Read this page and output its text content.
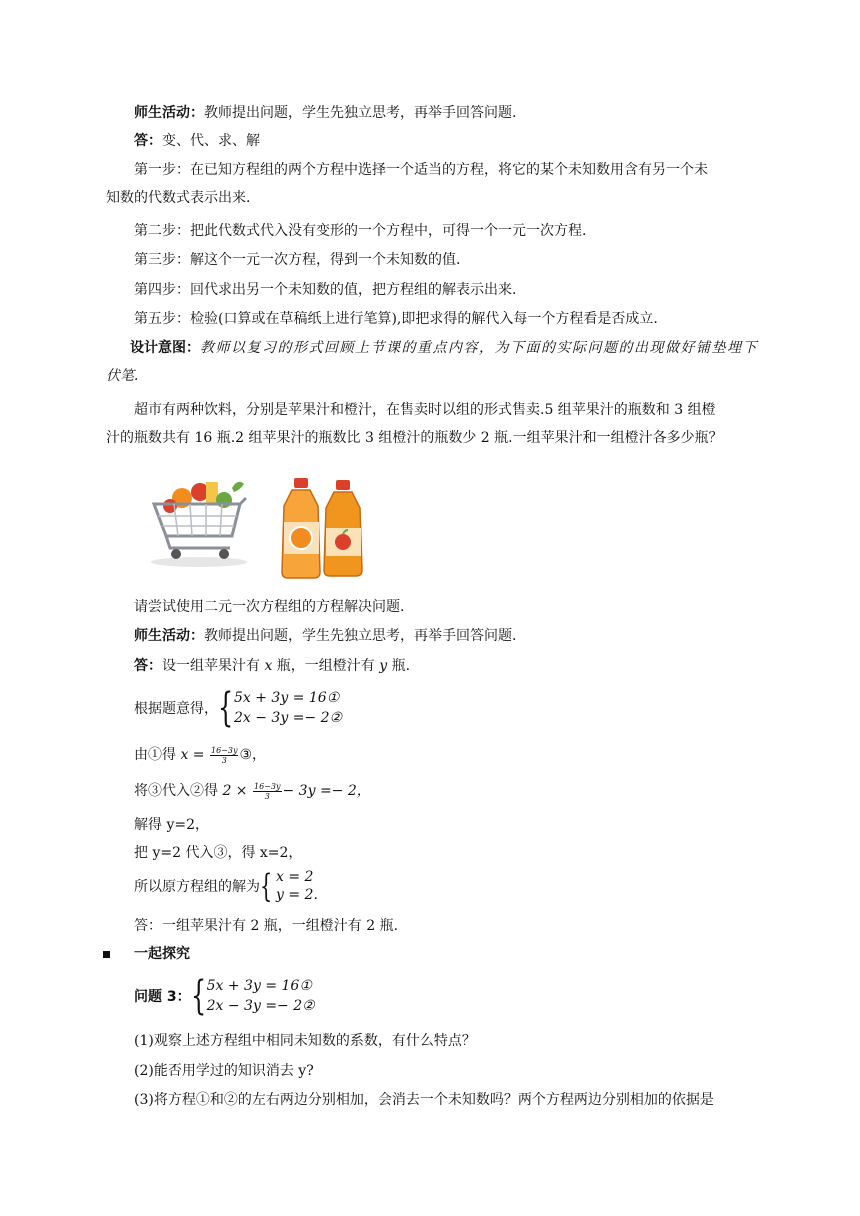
师生活动：教师提出问题，学生先独立思考，再举手回答问题.
答：变、代、求、解
第一步：在已知方程组的两个方程中选择一个适当的方程，将它的某个未知数用含有另一个未
知数的代数式表示出来.
第二步：把此代数式代入没有变形的一个方程中，可得一个一元一次方程.
第三步：解这个一元一次方程，得到一个未知数的值.
第四步：回代求出另一个未知数的值，把方程组的解表示出来.
第五步：检验(口算或在草稿纸上进行笔算),即把求得的解代入每一个方程看是否成立.
设计意图：教师以复习的形式回顾上节课的重点内容，为下面的实际问题的出现做好铺垫埋下
伏笔.
超市有两种饮料，分别是苹果汁和橙汁，在售卖时以组的形式售卖.5 组苹果汁的瓶数和 3 组橙
汁的瓶数共有 16 瓶.2 组苹果汁的瓶数比 3 组橙汁的瓶数少 2 瓶.一组苹果汁和一组橙汁各多少瓶？
请尝试使用二元一次方程组的方程解决问题.
师生活动：教师提出问题，学生先独立思考，再举手回答问题.
答：设一组苹果汁有 x 瓶，一组橙汁有 y 瓶.
根据题意得， { 5x + 3y = 16①
2x − 3y =− 2②
由①得 $x = \frac{16-3y}{3}$ ③，
将③代入②得 $2 \times \frac{16-3y}{3} - 3y =- 2$，
解得 y=2，
把 y=2 代入③，得 x=2，
所以原方程组的解为 { x = 2
y = 2.
答：一组苹果汁有 2 瓶，一组橙汁有 2 瓶.
一起探究
问题 3： { 5x + 3y = 16①
2x − 3y =− 2②
(1)观察上述方程组中相同未知数的系数，有什么特点？
(2)能否用学过的知识消去 y?
(3)将方程①和②的左右两边分别相加，会消去一个未知数吗？两个方程两边分别相加的依据是
